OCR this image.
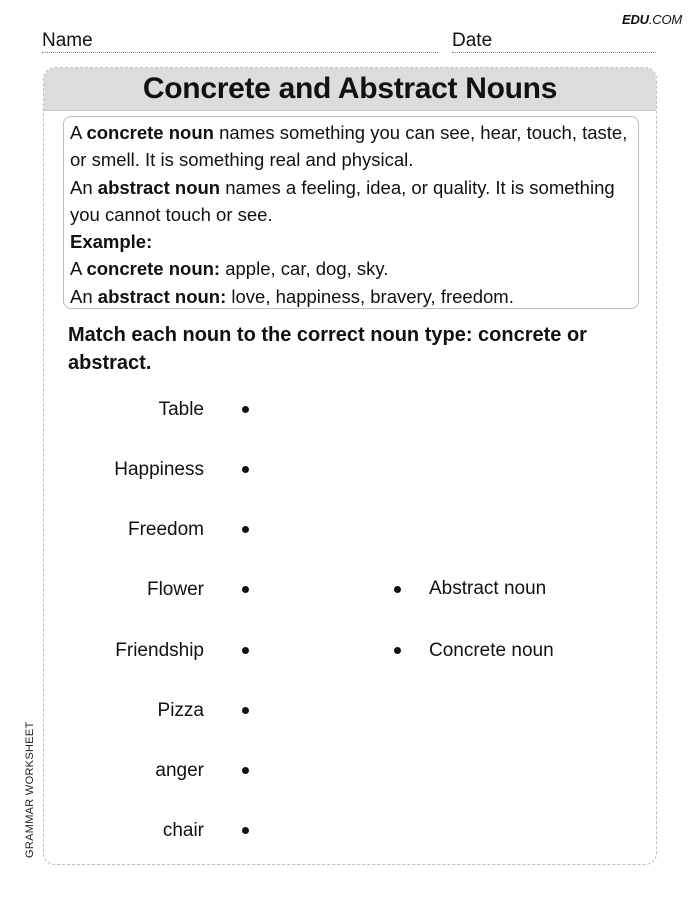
EDU.COM
Name	Date
Concrete and Abstract Nouns

A concrete noun names something you can see, hear, touch, taste, or smell. It is something real and physical.

An abstract noun names a feeling, idea, or quality. It is something you cannot touch or see.

Example:

A concrete noun: apple, car, dog, sky.

An abstract noun: love, happiness, bravery, freedom.

Match each noun to the correct noun type: concrete or abstract.
Table
Happiness
Freedom
Flower
Friendship
Pizza
anger
chair
Abstract noun
Concrete noun
GRAMMAR WORKSHEET
